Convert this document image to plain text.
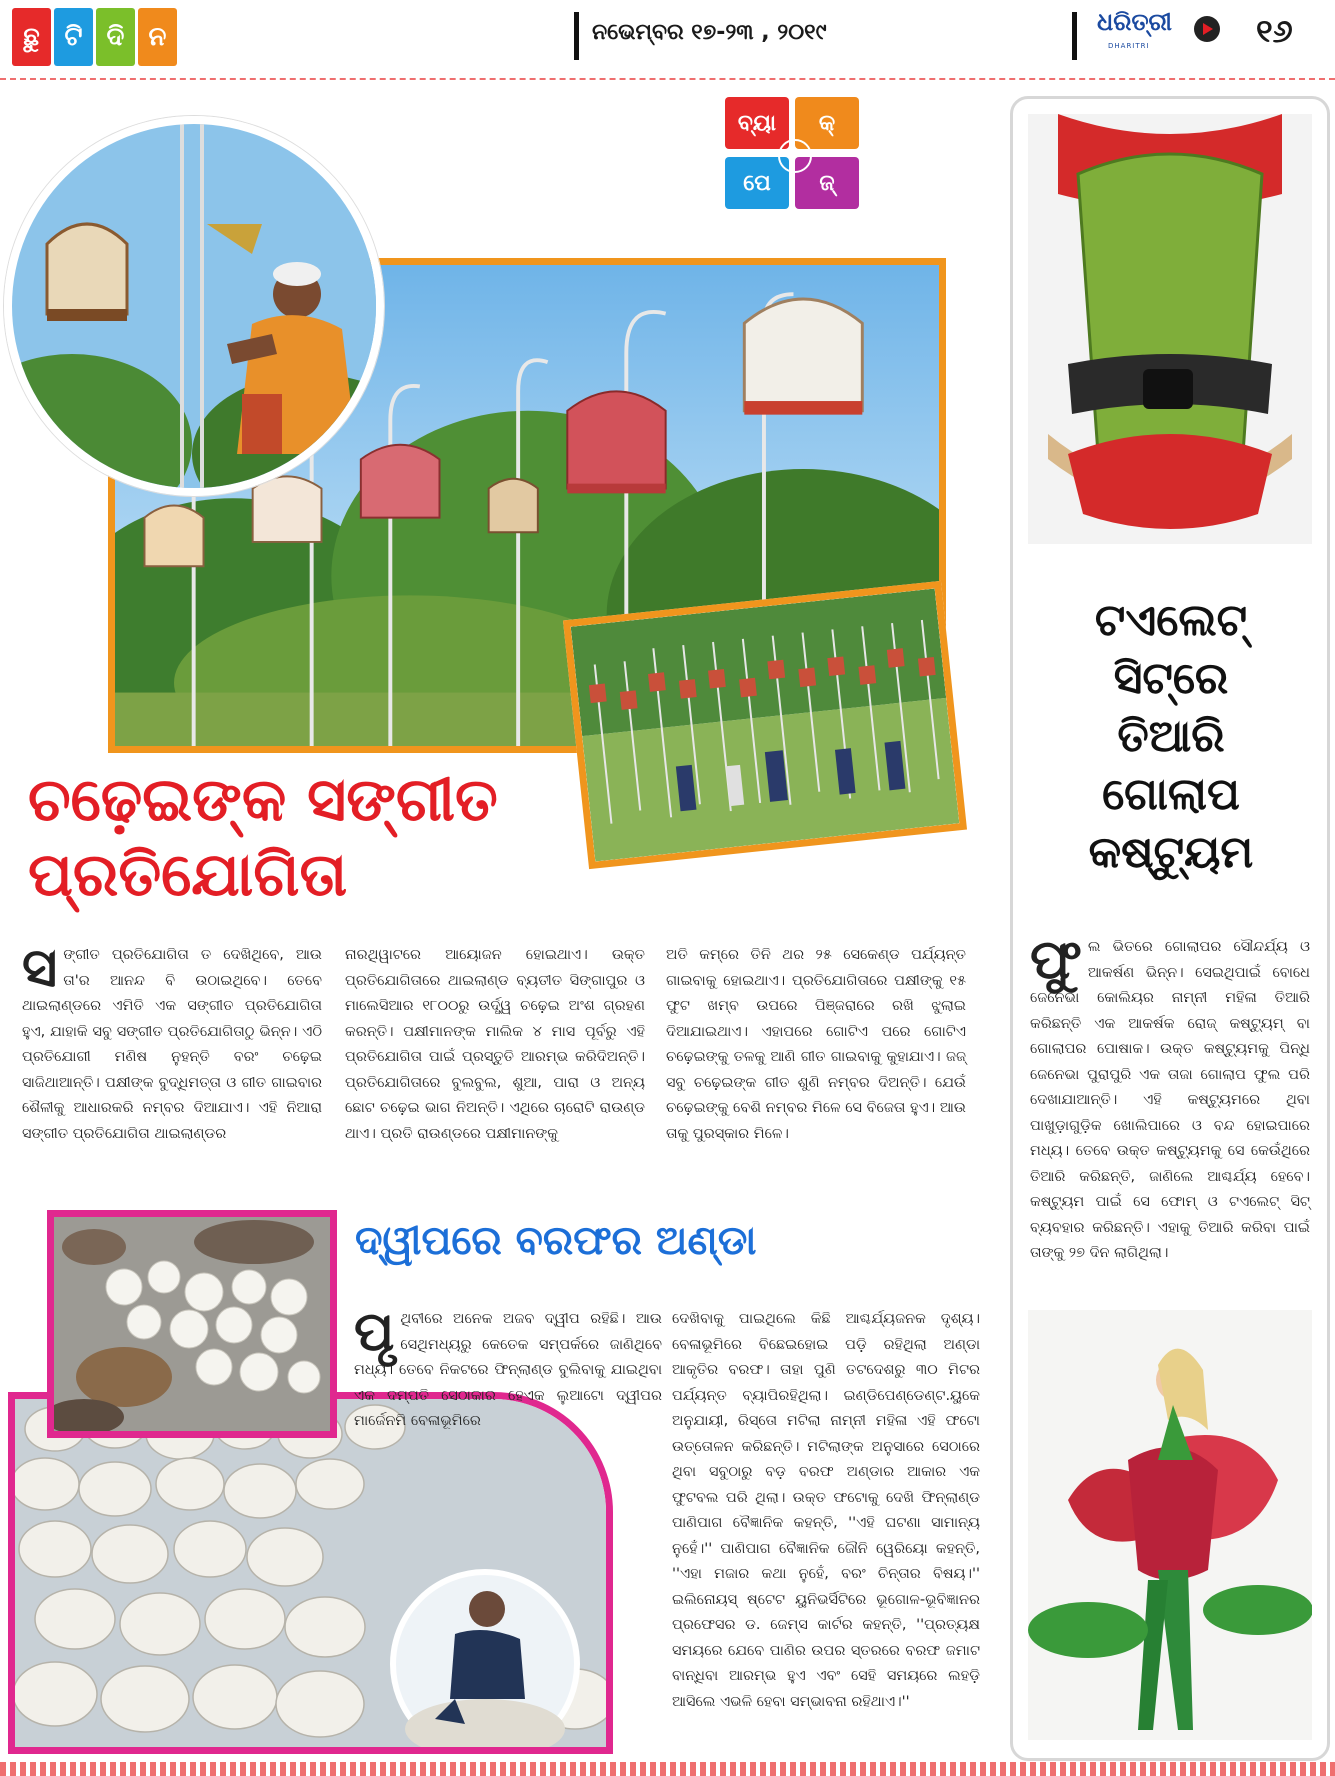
ଛୁ ଟି ଦି ନ	ନଭେମ୍ବର ୧୭-୨୩ , ୨୦୧୯	ଧରିତ୍ରୀ
DHARITRI	୧୬
ବ୍ୟା	କ୍
ପେ	ଜ୍
ଚଢ଼େଇଙ୍କ ସଙ୍ଗୀତ
ପ୍ରତିଯୋଗିତା
ସଙ୍ଗୀତ ପ୍ରତିଯୋଗିତା ତ ଦେଖିଥିବେ, ଆଉ ତା'ର ଆନନ୍ଦ ବି ଉଠାଇଥିବେ। ତେବେ ଥାଇଲାଣ୍ଡରେ ଏମିତି ଏକ ସଙ୍ଗୀତ ପ୍ରତିଯୋଗିତା ହୁଏ, ଯାହାକି ସବୁ ସଙ୍ଗୀତ ପ୍ରତିଯୋଗିତାଠୁ ଭିନ୍ନ। ଏଠି ପ୍ରତିଯୋଗୀ ମଣିଷ ନୁହନ୍ତି ବରଂ ଚଢ଼େଇ ସାଜିଥାଆନ୍ତି। ପକ୍ଷୀଙ୍କ ବୁଦ୍ଧିମତ୍ତା ଓ ଗୀତ ଗାଇବାର ଶୈଳୀକୁ ଆଧାରକରି ନମ୍ବର ଦିଆଯାଏ। ଏହି ନିଆରା ସଙ୍ଗୀତ ପ୍ରତିଯୋଗିତା ଥାଇଲାଣ୍ଡର
ନାରଥିୱାଟରେ ଆୟୋଜନ ହୋଇଥାଏ। ଉକ୍ତ ପ୍ରତିଯୋଗିତାରେ ଥାଇଲାଣ୍ଡ ବ୍ୟତୀତ ସିଙ୍ଗାପୁର ଓ ମାଲେସିଆର ୧୮୦୦ରୁ ଉର୍ଦ୍ଧ୍ୱ ଚଢ଼େଇ ଅଂଶ ଗ୍ରହଣ କରନ୍ତି। ପକ୍ଷୀମାନଙ୍କ ମାଲିକ ୪ ମାସ ପୂର୍ବରୁ ଏହି ପ୍ରତିଯୋଗିତା ପାଇଁ ପ୍ରସ୍ତୁତି ଆରମ୍ଭ କରିଦିଅନ୍ତି। ପ୍ରତିଯୋଗିତାରେ ବୁଲବୁଲ, ଶୁଆ, ପାରା ଓ ଅନ୍ୟ ଛୋଟ ଚଢ଼େଇ ଭାଗ ନିଅନ୍ତି। ଏଥିରେ ଚାରୋଟି ରାଉଣ୍ଡ ଥାଏ। ପ୍ରତି ରାଉଣ୍ଡରେ ପକ୍ଷୀମାନଙ୍କୁ
ଅତି କମ୍‌ରେ ତିନି ଥର ୨୫ ସେକେଣ୍ଡ ପର୍ଯ୍ୟନ୍ତ ଗାଇବାକୁ ହୋଇଥାଏ। ପ୍ରତିଯୋଗିତାରେ ପକ୍ଷୀଙ୍କୁ ୧୫ ଫୁଟ ଖମ୍ବ ଉପରେ ପିଞ୍ଜରାରେ ରଖି ଝୁଲାଇ ଦିଆଯାଇଥାଏ। ଏହାପରେ ଗୋଟିଏ ପରେ ଗୋଟିଏ ଚଢ଼େଇଙ୍କୁ ତଳକୁ ଆଣି ଗୀତ ଗାଇବାକୁ କୁହାଯାଏ। ଜଜ୍ ସବୁ ଚଢ଼େଇଙ୍କ ଗୀତ ଶୁଣି ନମ୍ବର ଦିଅନ୍ତି। ଯେଉଁ ଚଢ଼େଇଙ୍କୁ ବେଶି ନମ୍ବର ମିଳେ ସେ ବିଜେତା ହୁଏ। ଆଉ ତାକୁ ପୁରସ୍କାର ମିଳେ।
ଦ୍ୱୀପରେ ବରଫର ଅଣ୍ଡା
ପୃଥିବୀରେ ଅନେକ ଅଜବ ଦ୍ୱୀପ ରହିଛି। ଆଉ ସେଥିମଧ୍ୟରୁ କେତେକ ସମ୍ପର୍କରେ ଜାଣିଥିବେ ମଧ୍ୟ। ତେବେ ନିକଟରେ ଫିନ୍‌ଲାଣ୍ଡ ବୁଲିବାକୁ ଯାଇଥିବା ଏକ ଦମ୍ପତି ସେଠାକାର ହେଏକ ଲୁଆଟୋ ଦ୍ୱୀପର ମାର୍ଜେନମି ବେଳାଭୂମିରେ
ଦେଖିବାକୁ ପାଇଥିଲେ କିଛି ଆଶ୍ଚର୍ଯ୍ୟଜନକ ଦୃଶ୍ୟ। ବେଳାଭୂମିରେ ବିଛେଇହୋଇ ପଡ଼ି ରହିଥିଲା ଅଣ୍ଡା ଆକୃତିର ବରଫ। ତାହା ପୁଣି ତଟଦେଶରୁ ୩୦ ମିଟର ପର୍ଯ୍ୟନ୍ତ ବ୍ୟାପିରହିଥିଲା। ଇଣ୍ଡିପେଣ୍ଡେଣ୍ଟ.ୟୁକେ ଅନୁଯାୟୀ, ରିସ୍ତୋ ମଟିଲା ନାମ୍ନୀ ମହିଳା ଏହି ଫଟୋ ଉତ୍ତୋଳନ କରିଛନ୍ତି। ମଟିଲାଙ୍କ ଅନୁସାରେ ସେଠାରେ ଥିବା ସବୁଠାରୁ ବଡ଼ ବରଫ ଅଣ୍ଡାର ଆକାର ଏକ ଫୁଟବଲ ପରି ଥିଲା। ଉକ୍ତ ଫଟୋକୁ ଦେଖି ଫିନ୍‌ଲାଣ୍ଡ ପାଣିପାଗ ବୈଜ୍ଞାନିକ କହନ୍ତି, ''ଏହି ଘଟଣା ସାମାନ୍ୟ ନୁହେଁ।'' ପାଣିପାଗ ବୈଜ୍ଞାନିକ ଜୌନି ୱେରିୟୋ କହନ୍ତି, ''ଏହା ମଜାର କଥା ନୁହେଁ, ବରଂ ଚିନ୍ତାର ବିଷୟ।'' ଇଲିନୋୟସ୍ ଷ୍ଟେଟ ୟୁନିଭର୍ସିଟିରେ ଭୂଗୋଳ-ଭୂବିଜ୍ଞାନର ପ୍ରଫେସର ଡ. ଜେମ୍ସ କାର୍ଟର କହନ୍ତି, ''ପ୍ରତ୍ୟକ୍ଷ ସମୟରେ ଯେବେ ପାଣିର ଉପର ସ୍ତରରେ ବରଫ ଜମାଟ ବାନ୍ଧିବା ଆରମ୍ଭ ହୁଏ ଏବଂ ସେହି ସମୟରେ ଲହଡ଼ି ଆସିଲେ ଏଭଳି ହେବା ସମ୍ଭାବନା ରହିଥାଏ।''
ଟଏଲେଟ୍
ସିଟ୍‌ରେ
ତିଆରି
ଗୋଲାପ
କଷ୍ଟ୍ୟୁମ
ଫୁଲ ଭିତରେ ଗୋଲାପର ସୌନ୍ଦର୍ଯ୍ୟ ଓ ଆକର୍ଷଣ ଭିନ୍ନ। ସେଇଥିପାଇଁ ବୋଧେ ଜେନେଭା କୋଲିୟର ନାମ୍ନୀ ମହିଳା ତିଆରି କରିଛନ୍ତି ଏକ ଆକର୍ଷକ ରୋଜ୍ କଷ୍ଟ୍ୟୁମ୍ ବା ଗୋଲାପର ପୋଷାକ। ଉକ୍ତ କଷ୍ଟ୍ୟୁମକୁ ପିନ୍ଧି ଜେନେଭା ପୁରାପୁରି ଏକ ତାଜା ଗୋଲାପ ଫୁଲ ପରି ଦେଖାଯାଆନ୍ତି। ଏହି କଷ୍ଟ୍ୟୁମରେ ଥିବା ପାଖୁଡ଼ାଗୁଡ଼ିକ ଖୋଲିପାରେ ଓ ବନ୍ଦ ହୋଇପାରେ ମଧ୍ୟ। ତେବେ ଉକ୍ତ କଷ୍ଟ୍ୟୁମକୁ ସେ କେଉଁଥିରେ ତିଆରି କରିଛନ୍ତି, ଜାଣିଲେ ଆଶ୍ଚର୍ଯ୍ୟ ହେବେ। କଷ୍ଟ୍ୟୁମ ପାଇଁ ସେ ଫୋମ୍ ଓ ଟଏଲେଟ୍ ସିଟ୍ ବ୍ୟବହାର କରିଛନ୍ତି। ଏହାକୁ ତିଆରି କରିବା ପାଇଁ ତାଙ୍କୁ ୨୭ ଦିନ ଲାଗିଥିଲା।
